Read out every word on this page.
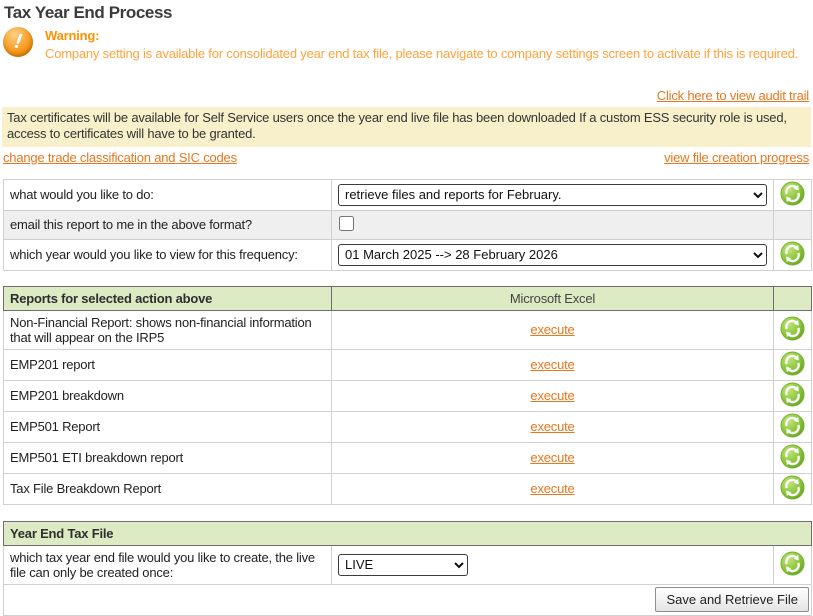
Tax Year End Process
!	Warning:
Company setting is available for consolidated year end tax file, please navigate to company settings screen to activate if this is required.
Click here to view audit trail
Tax certificates will be available for Self Service users once the year end live file has been downloaded If a custom ESS security role is used, access to certificates will have to be granted.
change trade classification and SIC codes	view file creation progress
what would you like to do:	
retrieve files and reports for February.	
email this report to me in the above format?		
which year would you like to view for this frequency:	
01 March 2025 --> 28 February 2026	
Reports for selected action above	Microsoft Excel	
Non-Financial Report: shows non-financial information that will appear on the IRP5	execute	
EMP201 report	execute	
EMP201 breakdown	execute	
EMP501 Report	execute	
EMP501 ETI breakdown report	execute	
Tax File Breakdown Report	execute	
Year End Tax File
which tax year end file would you like to create, the live file can only be created once:	
LIVE	
Save and Retrieve File
